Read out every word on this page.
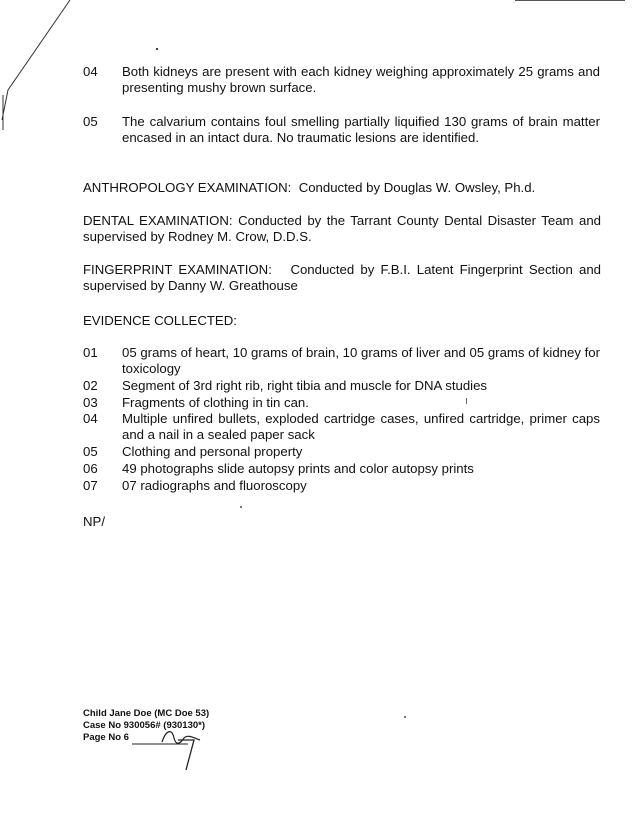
04	Both kidneys are present with each kidney weighing approximately 25 grams and presenting mushy brown surface.
05	The calvarium contains foul smelling partially liquified 130 grams of brain matter encased in an intact dura. No traumatic lesions are identified.
ANTHROPOLOGY EXAMINATION: Conducted by Douglas W. Owsley, Ph.d.
DENTAL EXAMINATION: Conducted by the Tarrant County Dental Disaster Team and supervised by Rodney M. Crow, D.D.S.
FINGERPRINT EXAMINATION: Conducted by F.B.I. Latent Fingerprint Section and supervised by Danny W. Greathouse
EVIDENCE COLLECTED:
01	05 grams of heart, 10 grams of brain, 10 grams of liver and 05 grams of kidney for toxicology
02	Segment of 3rd right rib, right tibia and muscle for DNA studies
03	Fragments of clothing in tin can.
04	Multiple unfired bullets, exploded cartridge cases, unfired cartridge, primer caps and a nail in a sealed paper sack
05	Clothing and personal property
06	49 photographs slide autopsy prints and color autopsy prints
07	07 radiographs and fluoroscopy
NP/
Child Jane Doe (MC Doe 53)
Case No 930056# (930130*)
Page No 6
